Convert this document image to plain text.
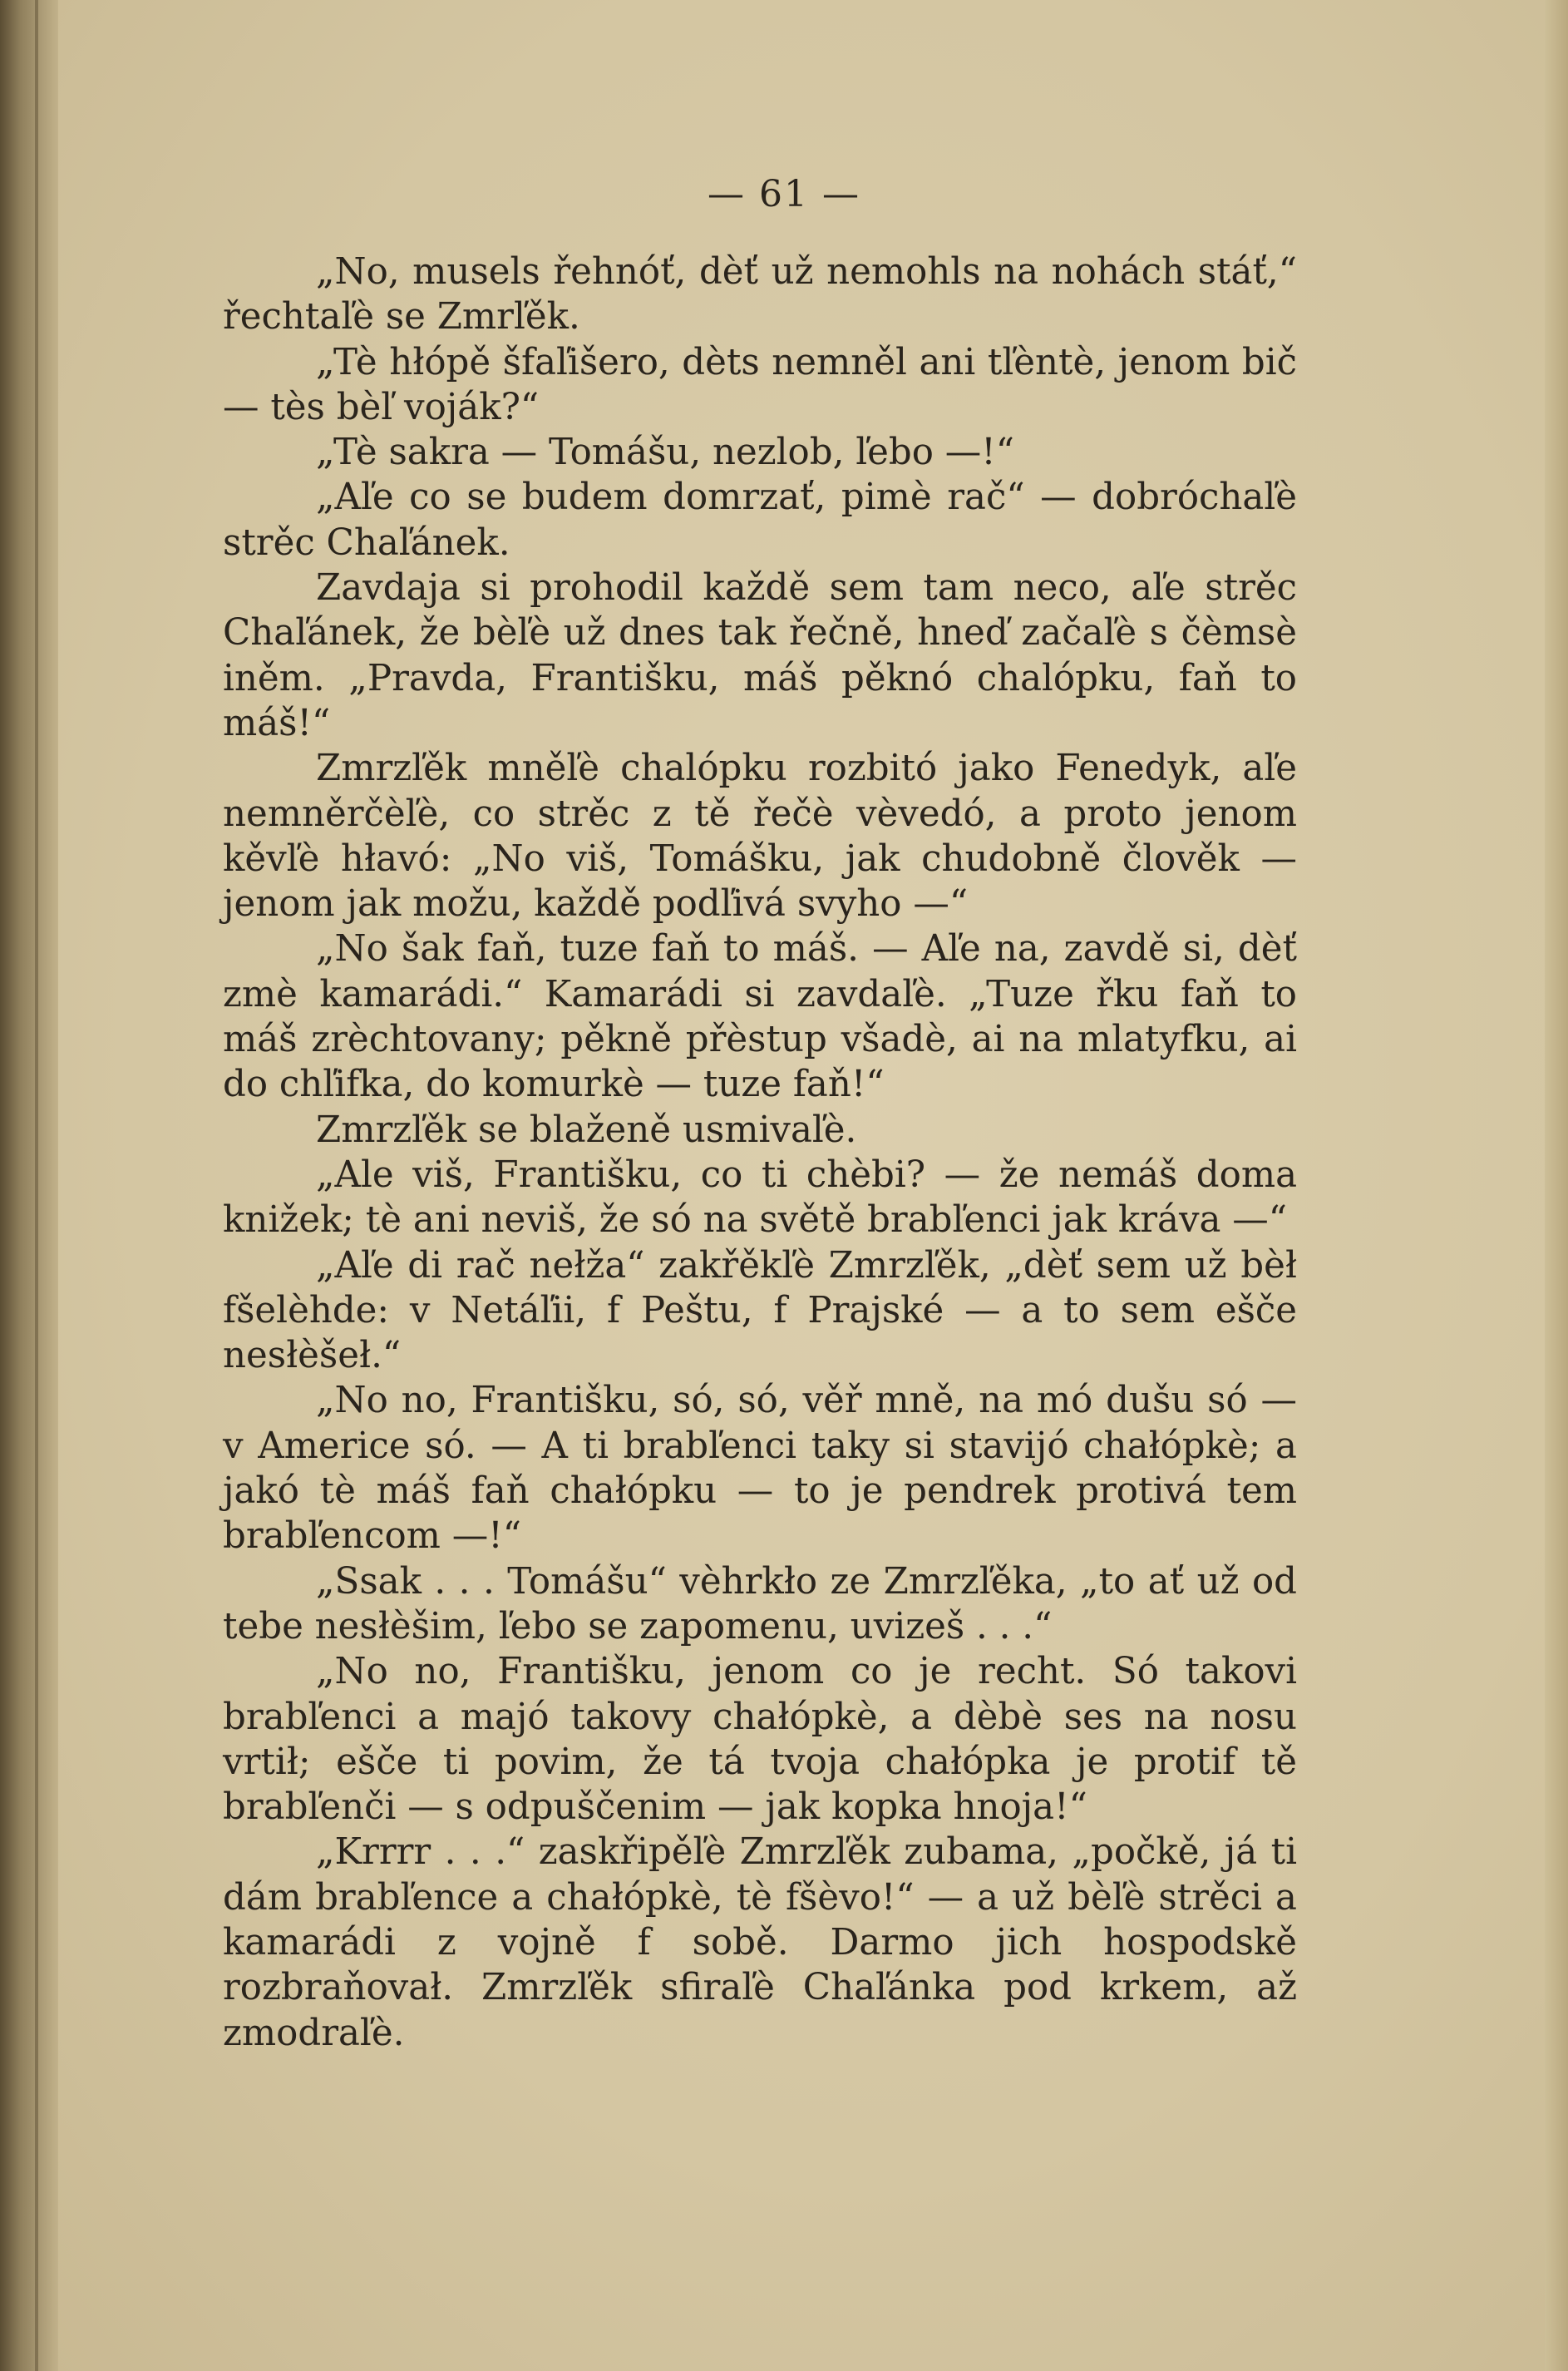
— 61 —

„No, musels řehnóť, dèť už nemohls na nohách stáť,“ řechtaľè se Zmrľěk.

„Tè hłópě šfaľišero, dèts nemněl ani tľèntè, jenom bič — tès bèľ voják?“

„Tè sakra — Tomášu, nezlob, ľebo —!“

„Aľe co se budem domrzať, pimè rač“ — dobróchaľè strěc Chaľánek.

Zavdaja si prohodil každě sem tam neco, aľe strěc Chaľánek, že bèľè už dnes tak řečně, hneď začaľè s čèmsè iněm. „Pravda, Františku, máš pěknó chalópku, faň to máš!“

Zmrzľěk mněľè chalópku rozbitó jako Fenedyk, aľe nemněrčèľè, co strěc z tě řečè vèvedó, a proto jenom kěvľè hłavó: „No viš, Tomášku, jak chudobně člověk — jenom jak možu, každě podľivá svyho —“

„No šak faň, tuze faň to máš. — Aľe na, zavdě si, dèť zmè kamarádi.“ Kamarádi si zavdaľè. „Tuze řku faň to máš zrèchtovany; pěkně přèstup všadè, ai na mlatyfku, ai do chľifka, do komurkè — tuze faň!“

Zmrzľěk se blaženě usmivaľè.

„Ale viš, Františku, co ti chèbi? — že nemáš doma knižek; tè ani neviš, že só na světě brabľenci jak kráva —“

„Aľe di rač nełža“ zakřěkľè Zmrzľěk, „dèť sem už bèł fšelèhde: v Netáľii, f Peštu, f Prajské — a to sem ešče nesłèšeł.“

„No no, Františku, só, só, věř mně, na mó dušu só — v Americe só. — A ti brabľenci taky si stavijó chałópkè; a jakó tè máš faň chałópku — to je pendrek protivá tem brabľencom —!“

„Ssak . . . Tomášu“ vèhrkło ze Zmrzľěka, „to ať už od tebe nesłèšim, ľebo se zapomenu, uvizeš . . .“

„No no, Františku, jenom co je recht. Só takovi brabľenci a majó takovy chałópkè, a dèbè ses na nosu vrtił; ešče ti povim, že tá tvoja chałópka je protif tě brabľenči — s odpuščenim — jak kopka hnoja!“

„Krrrr . . .“ zaskřipěľè Zmrzľěk zubama, „počkě, já ti dám brabľence a chałópkè, tè fšèvo!“ — a už bèľè strěci a kamarádi z vojně f sobě. Darmo jich hospodskě rozbraňovał. Zmrzľěk sfiraľè Chaľánka pod krkem, až zmodraľè.
